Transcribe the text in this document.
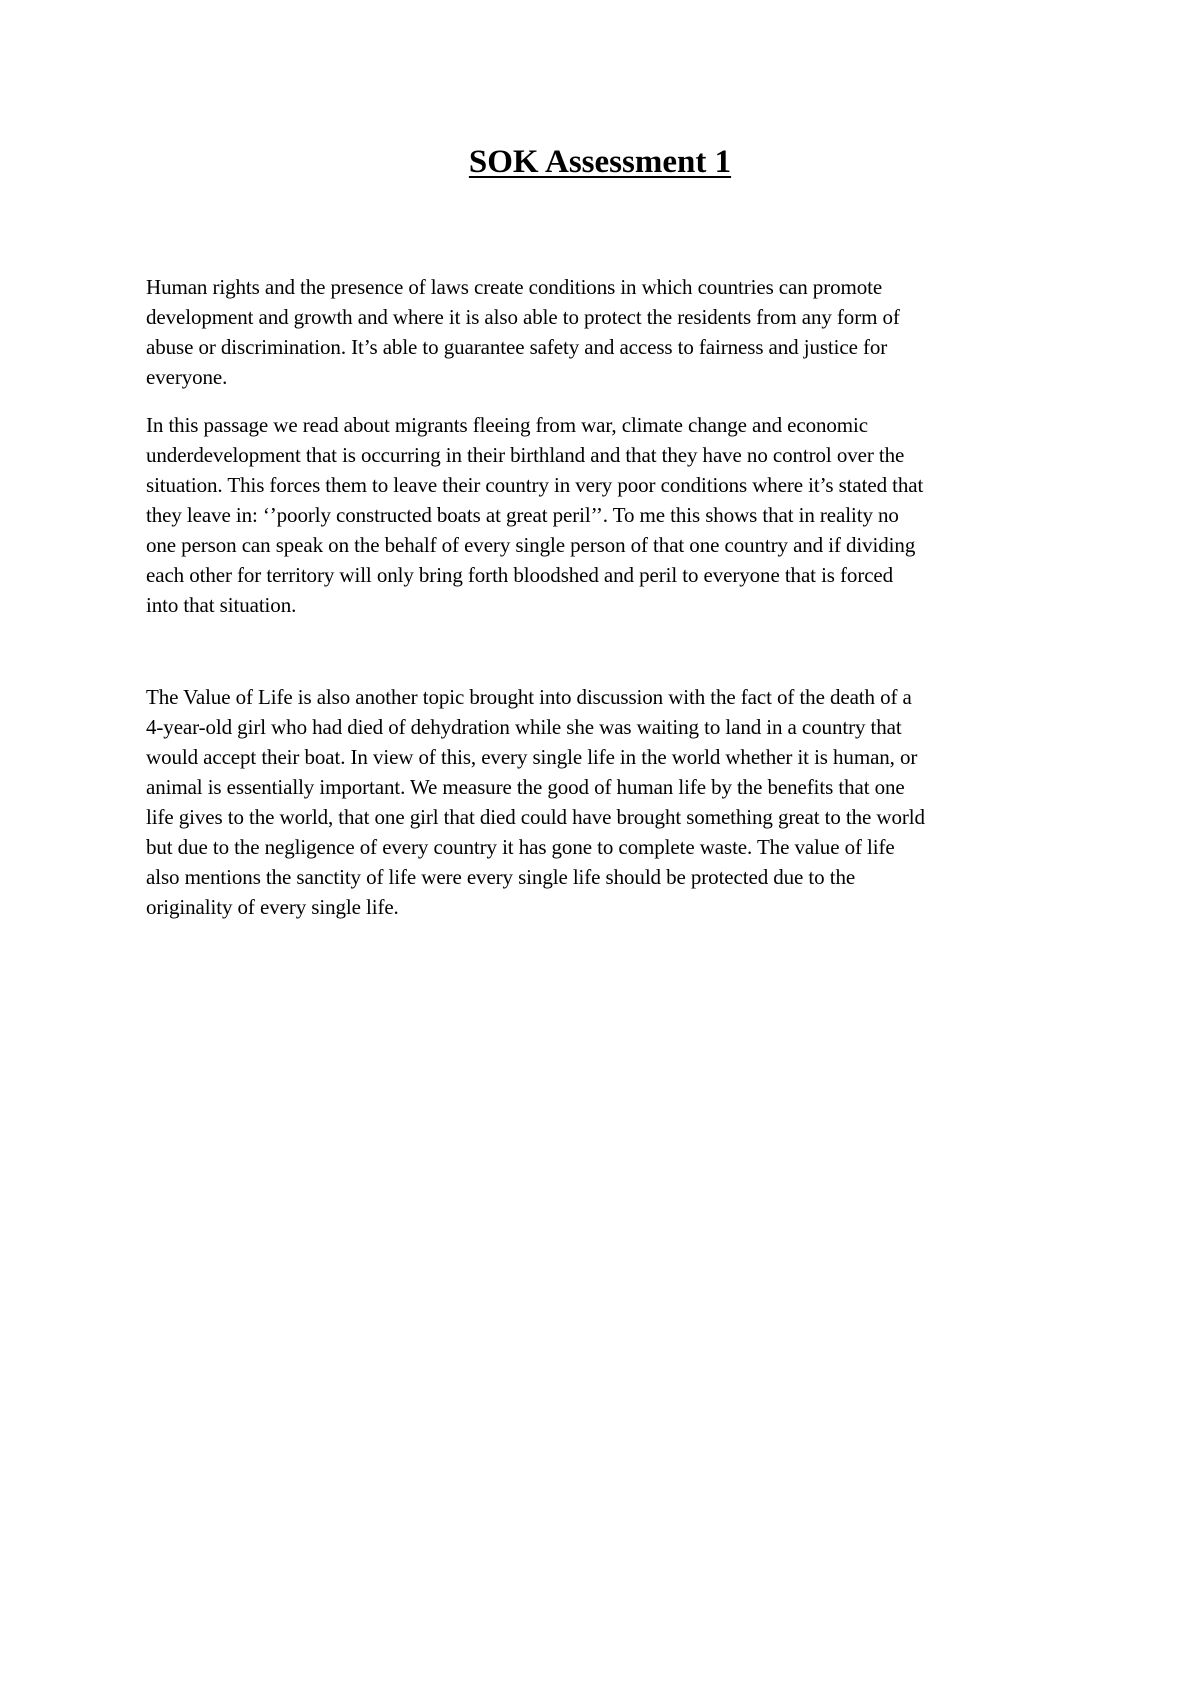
SOK Assessment 1

Human rights and the presence of laws create conditions in which countries can promote
development and growth and where it is also able to protect the residents from any form of
abuse or discrimination. It’s able to guarantee safety and access to fairness and justice for
everyone.

In this passage we read about migrants fleeing from war, climate change and economic
underdevelopment that is occurring in their birthland and that they have no control over the
situation. This forces them to leave their country in very poor conditions where it’s stated that
they leave in: ‘’poorly constructed boats at great peril’’. To me this shows that in reality no
one person can speak on the behalf of every single person of that one country and if dividing
each other for territory will only bring forth bloodshed and peril to everyone that is forced
into that situation.

The Value of Life is also another topic brought into discussion with the fact of the death of a
4-year-old girl who had died of dehydration while she was waiting to land in a country that
would accept their boat. In view of this, every single life in the world whether it is human, or
animal is essentially important. We measure the good of human life by the benefits that one
life gives to the world, that one girl that died could have brought something great to the world
but due to the negligence of every country it has gone to complete waste. The value of life
also mentions the sanctity of life were every single life should be protected due to the
originality of every single life.
